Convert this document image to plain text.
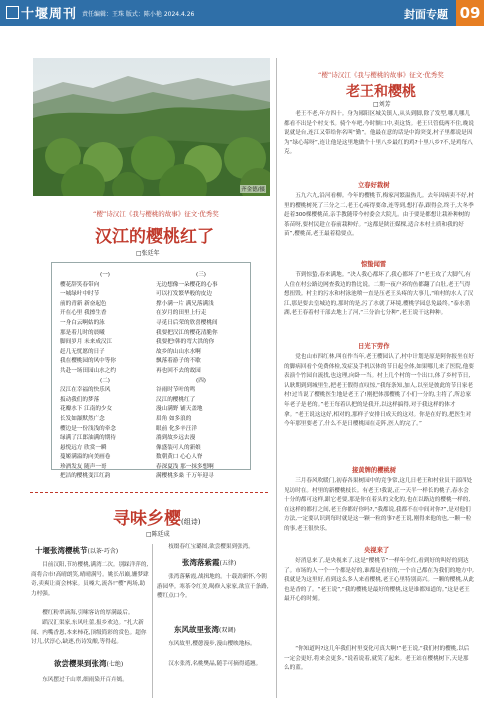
十堰周刊 责任编辑：王珠 版式：陈小艳 2024.4.26	封面专题 09
齐金德/摄
“樱”诗汉江《我与樱桃的故事》征文·优秀奖
汉江的樱桃红了
□张廷年
(一)
樱花辞笑春带向
一城绿叶中时节
前的青新 新奋起色
开在心里 我擦生香
一身白云啊姑的泳
那是着儿时的晨曦
脚间岁月 未来成汉江
赶几无忧愿的日子
我在樱桃园的风中等你
共赴一场田园山水之约
(二)
汉江在幸福的快乐风
扳动我们的梦落
花瓣水下 江南的少女
长发如瀑默然广念
樱边是一份浅浅的牵念
绿满了江郎油满的期待
悬悦远方 欣赏一瞬
蔓姬满溢的向美画卷
珍酒发友 随声一哥
把洁的樱桃变江红韵
(三)
无边想像一朵樱花的心事
可以打发繁华般的皮边
撑小满一片 满兄落满浅
在岁月的田里上行走
寻觅日后荣的欣喜樱桃间
我要把汉江的樱花清脆你
我要把!韩的弯大洪的你
故乡的山山水水啊
飘落着游子的不歇
再也回不去的故园
(四)
谷雨时节叶的鸣
汉江的樱桃红了
漫山满野 铺天盖地
眉角 如多浪的
眼前 化多辛汪洋
淌到故乡远去漫
像盛装可人的新娘
数朝黄口 心心人脊
春深夏浅 那一抹多想啊
满樱桃多桑 千万年迎寻
寻味乡樱(组诗)
□陈廷成
十堰张湾樱桃节(以茶·巧含)

目前汉阳,节坊樱桃,满湾二次。别踩洋萍的,商将合市!高晴朗笑,晴晴满号。姚长吊巅,姗梦肆奇,卖爽让商会林家。员嗓大,流各!“樱”两场,助力村强。

樱红粉翠滴海,引嗦客访的厚满最后。

蹈汉汇渠家,东风吐蕾,报乡欢边。“扎大新闻、内嘴香恩,本来柿花,顶级简彩的赏色。超你讨儿,伏淳心,缺逐,伤诗发酿,等得起。

欲尝樱果到张湾(七绝)

东风摆过千山翠,细雨染开百卉嫣。

枝缀春红宝璐图,欲尝樱果到张湾。

张湾落紫霞(五律)

张湾落紫霞,战揖地的。十载劲新怀,今朝游园华。寒茶令红美,喝修入家家,欲宣千条路,樱红点口今。

东风故里张湾(双调)

东风故里,樱憩漫步,漫山樱映地标。

汉水张湾,名桃樊晶,随手可摘得遥翘。

“樱”诗汉江《我与樱桃的故事》征文·优秀奖
老王和樱桃
□刘芳

老王不老,年方四十。身为郧阳区城关镇人,从头到脚,除了发型,哪儿哪儿都看不出是个村支书。骑个车吧,今时额口中,卖这货。老王只管低两不住,晚说说就是台,连江又带给你名叫“勤”。他最在意的话是中海突变,村子里都说是因为“绿心莓呀”,连让他是这里地做个十里八乡最红的鸡?十里八乡?不,是鸡每八克。

立春好栽树

五九六九,沿河看柳。今年的樱桃节,梅家河繁温热儿。去年因病卖不好,村里的樱桃树死了三分之二,老王心疼得要命,连等到,想打春,跟得会,终于,大冬季赶着300棵樱桃苗,亲手教随带今村委会大院儿。由于要是都想让栽补种树的茶苗呀,要村民趁立春前栽种好。“这都是陕汪媒棵,适合本村土质和我的好苗”,樱桃苗,老王最着稳要点。

惊蛰闻雷

节到惊蛰,春来满地。“决人我心都坏了,我心都坏了!”老王攻了大脚气,有人住在村公路边网查我边的鲁比说。二期一夜户养的鱼都翻了白肚,老王气得想扭毁。村主的污水和村泳池喷一直是压老王头疼的大事儿,“咱村的水人了汉江,那是要去皇城边的,那时的是,污了水就了环境,樱桃学园总免最终。”泰水猎湖,老王春着村干部去地上了河,“三分治七分种”,老王说干这种种。

日光下劳作

党也山市四红林,叫在作当年,老王樱园认了,村中计划是原是阿你报坐在好的脚病回看个免费体检,发症及手机以体的节日起全体,如果哪儿来了医院,他要表演个竹园自流找,也这理,向卧一当。村上几个村的一个出口,体了乡村节日,认耿期到到城里生,把老王假得直叹惊,“我每条知,加人,以至是彼此的节日家老村!过当说了樱桃医生地是老王了!刚把体那樱桃了小们一分的,主将了,所总家年老子是老的。”老王每着认把的是我开,以这样搞得,对于我这样的体才拿。“老王说这这好,相对的,那样子安排日成天的这对。你是在好的,把医生对今年那里要老了,什么不是日樱桃园在走阵,医人的完了。”

接黄牌的樱桃树

三月春风吹暖门,初春各果树园中的竞争常,这几日老王和村业员干部四处见访时在。村里的新樱桃枝长。有老王!我说,正一天半一样长的桃子,春水会十分的都可这样,跟它老要,那是你在着头的文化的,也在以路边的樱桃一样的,在这样的都打之间,老王你都好你吗?,“我都说,我都不在中间对你?”,是对他们方法,一定要认识到每时就是这一颗一粒的事?老王说,刚得来他的也,一颗一粒的事,老王很快乐。

央视来了

好消息来了,是央视来了,这是“樱桃节”一样年全红,看到好的叫好的到达了。市场的人一个一个都是好的,谁都是看好的,一个自己都在为我们的地方中,我就是为这里好,看到这么多人来看樱桃,老王心里特别高兴。一颗的樱桃,从此也是香的了。“老王说”,“我的樱桃是最好的樱桃,这是谁都知道的。”这是老王最开心的时刻。

“你知道吗?这几年我们村里变化可真大啊!”老王说,“我们村的樱桃,以后一定会更好,将来会更多。”说着说着,就笑了起来。老王站在樱桃树下,天是那么的蓝。
